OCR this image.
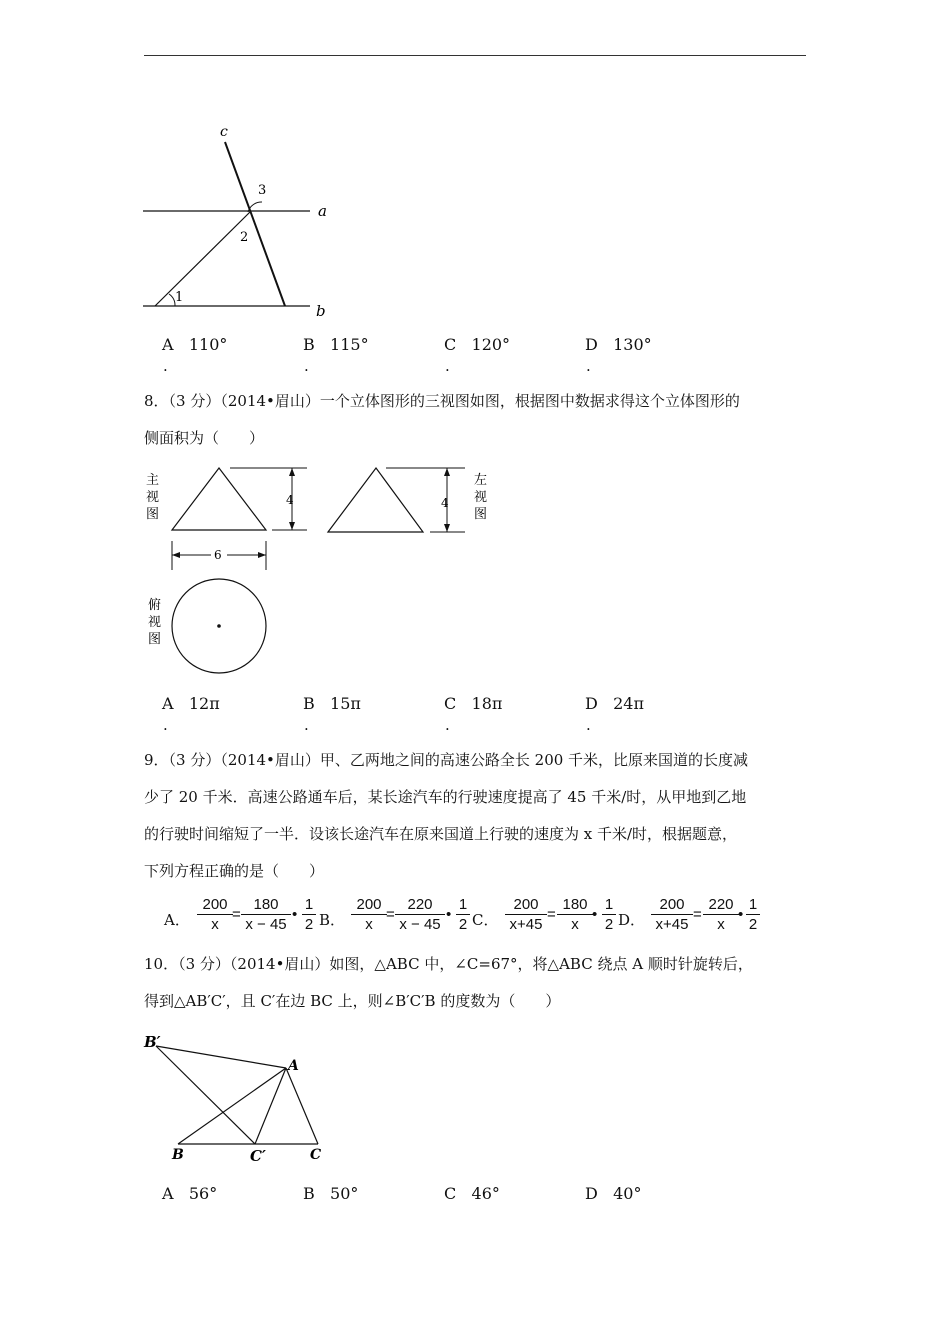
c
a
b
3
2
1
A 110°	B 115°	C 120°	D 130°
.	.	.	.
8．（3 分）（2014•眉山）一个立体图形的三视图如图，根据图中数据求得这个立体图形的
侧面积为（　　）
主
视
图
4
6
4
左
视
图
俯
视
图
A 12π	B 15π	C 18π	D 24π
.	.	.	.
9．（3 分）（2014•眉山）甲、乙两地之间的高速公路全长 200 千米，比原来国道的长度减
少了 20 千米．高速公路通车后，某长途汽车的行驶速度提高了 45 千米/时，从甲地到乙地
的行驶时间缩短了一半．设该长途汽车在原来国道上行驶的速度为 x 千米/时，根据题意，
下列方程正确的是（　　）
A． $\frac{200}{x} = \frac{180}{x - 45}$ • $\frac{1}{2}$ B． $\frac{200}{x} = \frac{220}{x - 45}$ • $\frac{1}{2}$ C． $\frac{200}{x+45} = \frac{180}{x}$ • $\frac{1}{2}$ D． $\frac{200}{x+45} = \frac{220}{x}$ • $\frac{1}{2}$
10．（3 分）（2014•眉山）如图，△ABC 中，∠C=67°，将△ABC 绕点 A 顺时针旋转后，
得到△AB′C′，且 C′在边 BC 上，则∠B′C′B 的度数为（　　）
B′
A
B	C′	C
A 56°	B 50°	C 46°	D 40°
